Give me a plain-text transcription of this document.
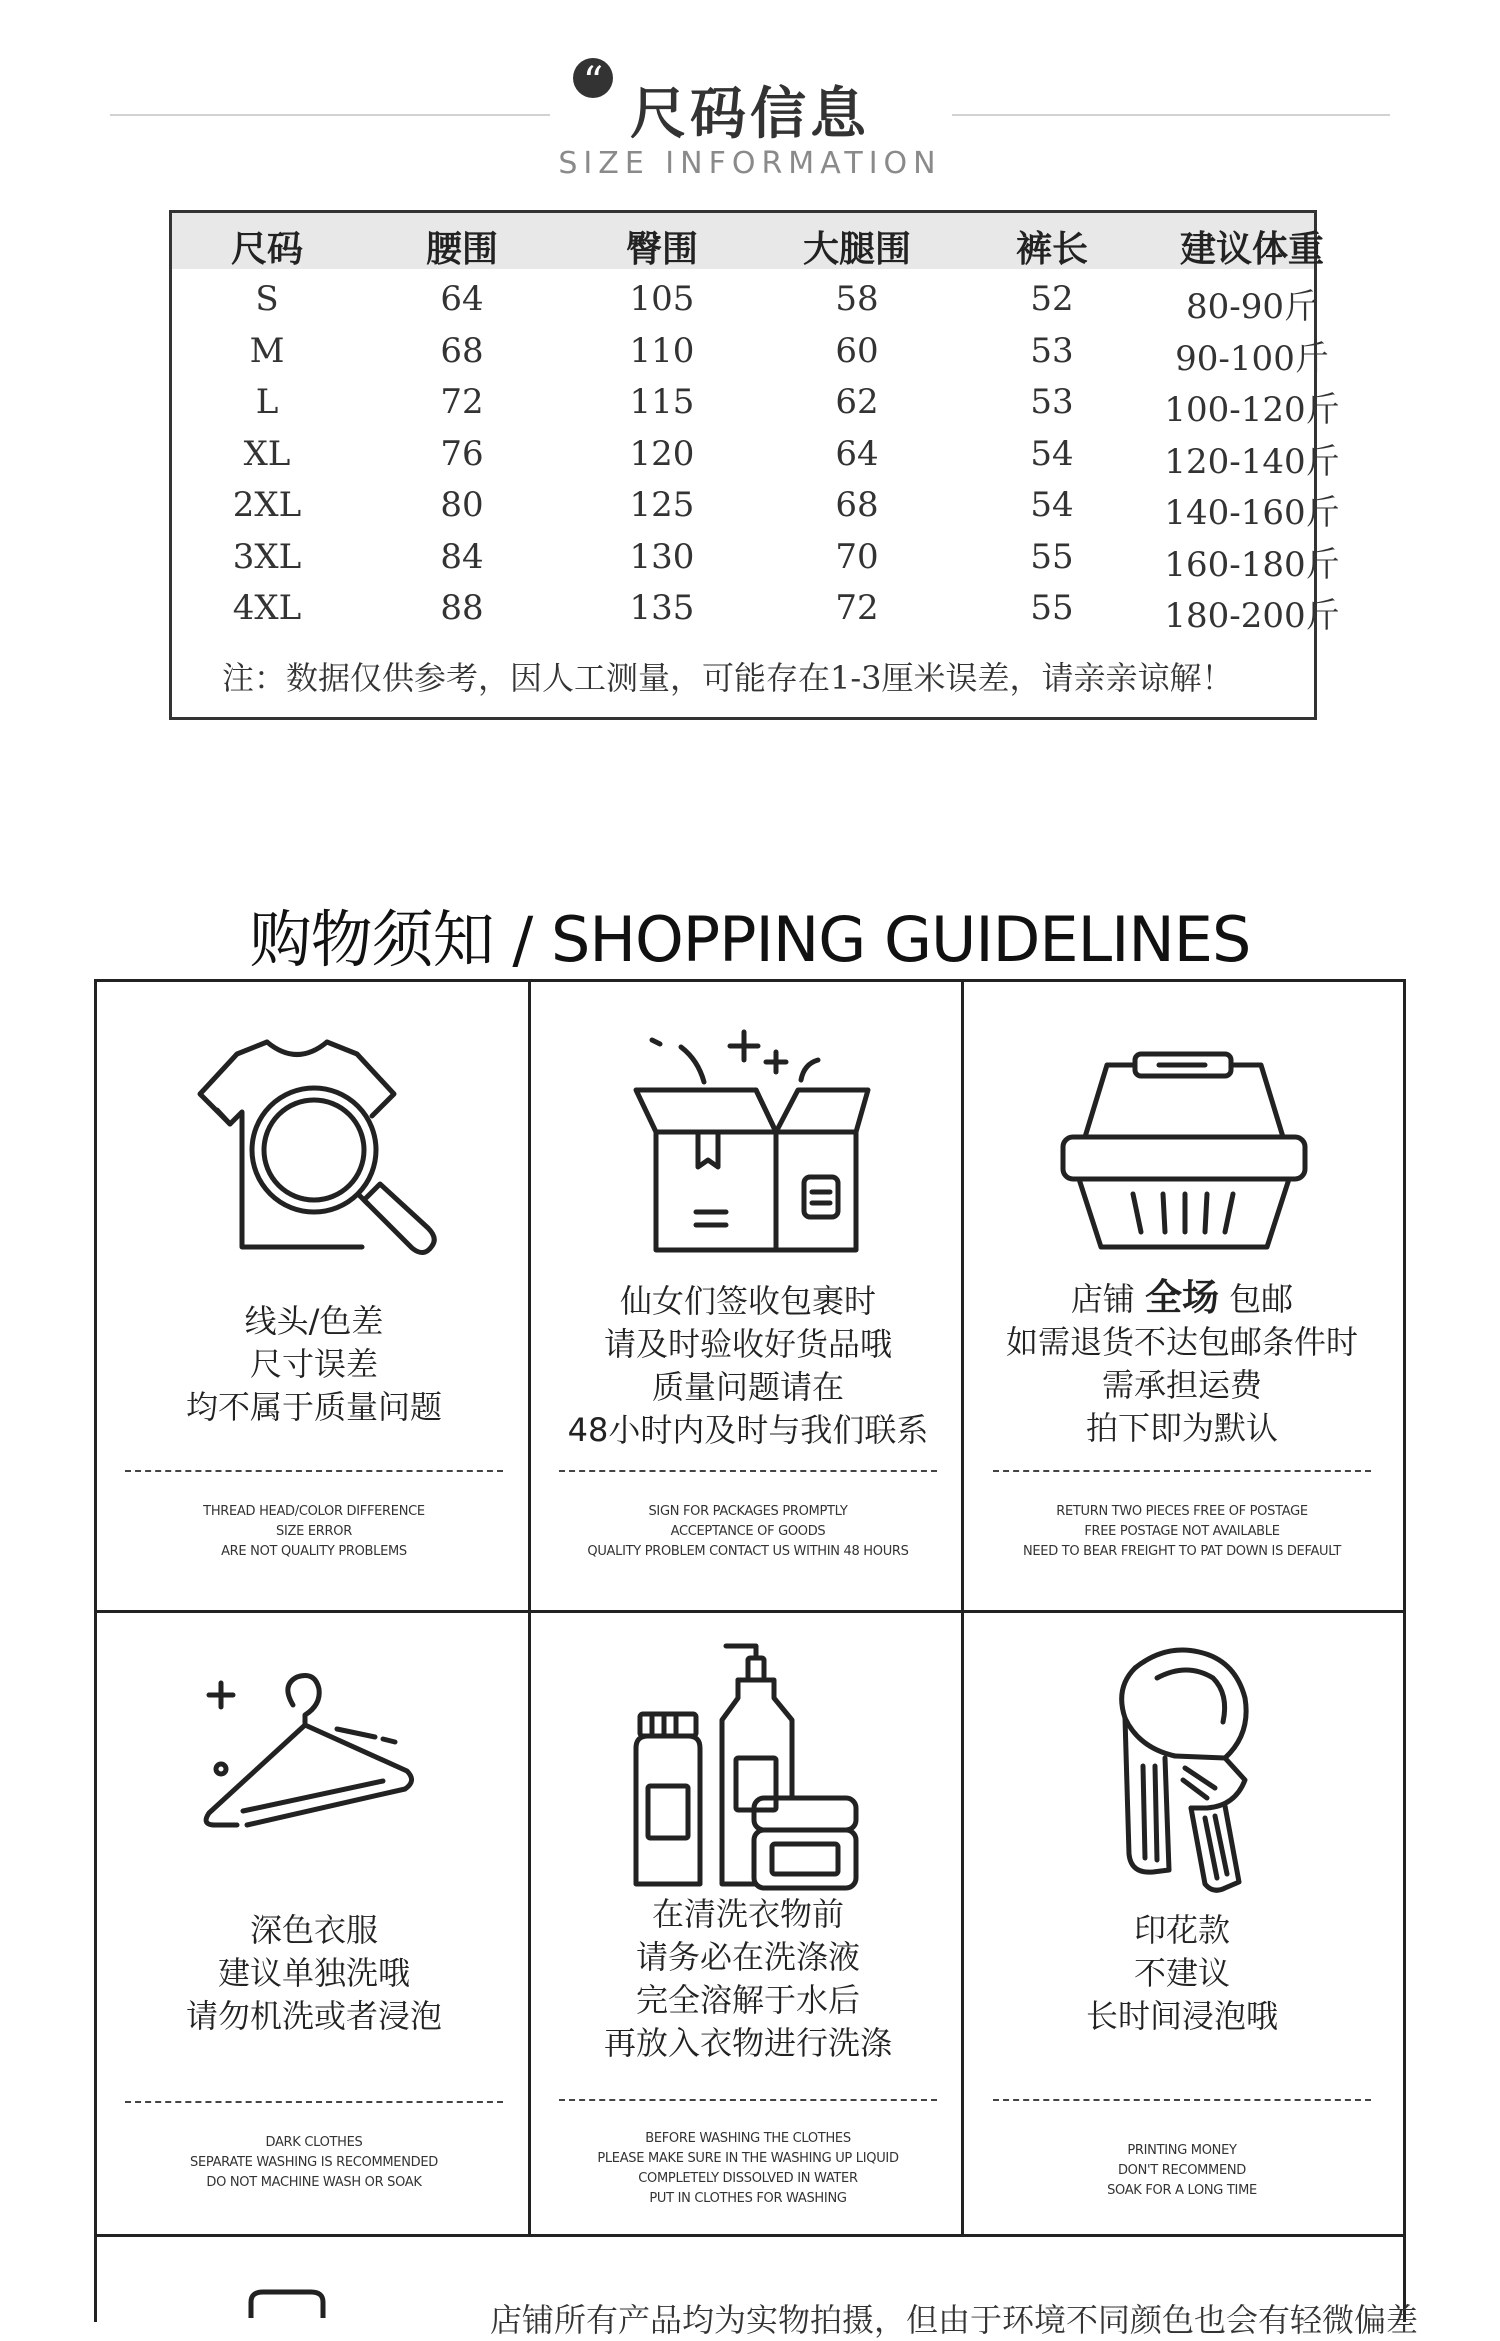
“ 尺码信息
SIZE INFORMATION
尺码	腰围	臀围	大腿围	裤长	建议体重
S	64	105	58	52	80-90斤
M	68	110	60	53	90-100斤
L	72	115	62	53	100-120斤
XL	76	120	64	54	120-140斤
2XL	80	125	68	54	140-160斤
3XL	84	130	70	55	160-180斤
4XL	88	135	72	55	180-200斤
注：数据仅供参考，因人工测量，可能存在1-3厘米误差，请亲亲谅解！
购物须知 / SHOPPING GUIDELINES
线头/色差
尺寸误差
均不属于质量问题
THREAD HEAD/COLOR DIFFERENCE
SIZE ERROR
ARE NOT QUALITY PROBLEMS
仙女们签收包裹时
请及时验收好货品哦
质量问题请在
48小时内及时与我们联系
SIGN FOR PACKAGES PROMPTLY
ACCEPTANCE OF GOODS
QUALITY PROBLEM CONTACT US WITHIN 48 HOURS
店铺 全场 包邮
如需退货不达包邮条件时
需承担运费
拍下即为默认
RETURN TWO PIECES FREE OF POSTAGE
FREE POSTAGE NOT AVAILABLE
NEED TO BEAR FREIGHT TO PAT DOWN IS DEFAULT
深色衣服
建议单独洗哦
请勿机洗或者浸泡
DARK CLOTHES
SEPARATE WASHING IS RECOMMENDED
DO NOT MACHINE WASH OR SOAK
在清洗衣物前
请务必在洗涤液
完全溶解于水后
再放入衣物进行洗涤
BEFORE WASHING THE CLOTHES
PLEASE MAKE SURE IN THE WASHING UP LIQUID
COMPLETELY DISSOLVED IN WATER
PUT IN CLOTHES FOR WASHING
印花款
不建议
长时间浸泡哦
PRINTING MONEY
DON'T RECOMMEND
SOAK FOR A LONG TIME
店铺所有产品均为实物拍摄，但由于环境不同颜色也会有轻微偏差
